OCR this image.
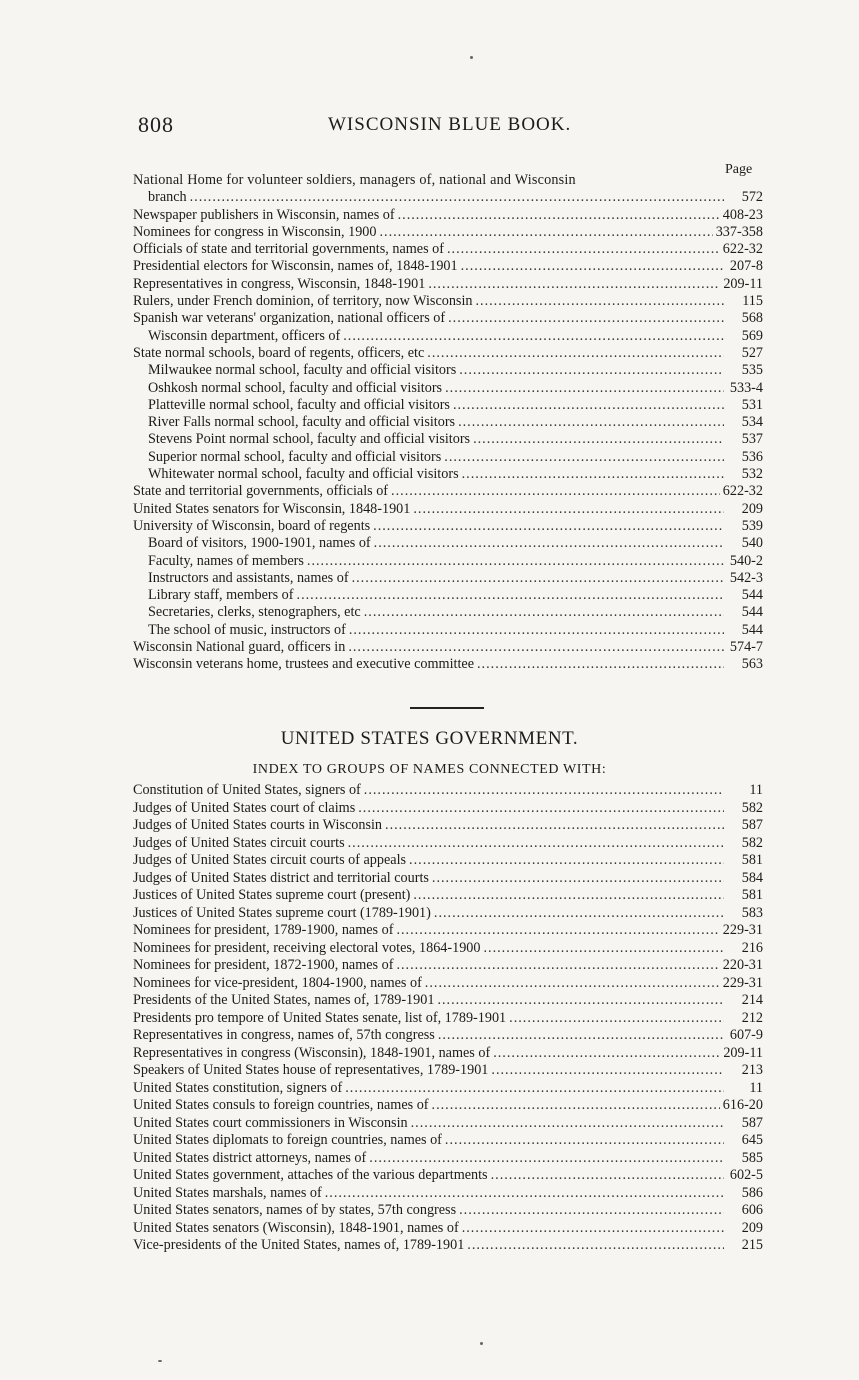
808	WISCONSIN BLUE BOOK.
Page
National Home for volunteer soldiers, managers of, national and Wisconsin
branch .....	572
Newspaper publishers in Wisconsin, names of .....	408-23
Nominees for congress in Wisconsin, 1900 .....	337-358
Officials of state and territorial governments, names of .....	622-32
Presidential electors for Wisconsin, names of, 1848-1901 .....	207-8
Representatives in congress, Wisconsin, 1848-1901 .....	209-11
Rulers, under French dominion, of territory, now Wisconsin .....	115
Spanish war veterans' organization, national officers of .....	568
Wisconsin department, officers of .....	569
State normal schools, board of regents, officers, etc .....	527
Milwaukee normal school, faculty and official visitors .....	535
Oshkosh normal school, faculty and official visitors .....	533-4
Platteville normal school, faculty and official visitors .....	531
River Falls normal school, faculty and official visitors .....	534
Stevens Point normal school, faculty and official visitors .....	537
Superior normal school, faculty and official visitors .....	536
Whitewater normal school, faculty and official visitors .....	532
State and territorial governments, officials of .....	622-32
United States senators for Wisconsin, 1848-1901 .....	209
University of Wisconsin, board of regents .....	539
Board of visitors, 1900-1901, names of .....	540
Faculty, names of members .....	540-2
Instructors and assistants, names of .....	542-3
Library staff, members of .....	544
Secretaries, clerks, stenographers, etc .....	544
The school of music, instructors of .....	544
Wisconsin National guard, officers in .....	574-7
Wisconsin veterans home, trustees and executive committee .....	563
UNITED STATES GOVERNMENT.
INDEX TO GROUPS OF NAMES CONNECTED WITH:
Constitution of United States, signers of .....	11
Judges of United States court of claims .....	582
Judges of United States courts in Wisconsin .....	587
Judges of United States circuit courts .....	582
Judges of United States circuit courts of appeals .....	581
Judges of United States district and territorial courts .....	584
Justices of United States supreme court (present) .....	581
Justices of United States supreme court (1789-1901) .....	583
Nominees for president, 1789-1900, names of .....	229-31
Nominees for president, receiving electoral votes, 1864-1900 .....	216
Nominees for president, 1872-1900, names of .....	220-31
Nominees for vice-president, 1804-1900, names of .....	229-31
Presidents of the United States, names of, 1789-1901 .....	214
Presidents pro tempore of United States senate, list of, 1789-1901 .....	212
Representatives in congress, names of, 57th congress .....	607-9
Representatives in congress (Wisconsin), 1848-1901, names of .....	209-11
Speakers of United States house of representatives, 1789-1901 .....	213
United States constitution, signers of .....	11
United States consuls to foreign countries, names of .....	616-20
United States court commissioners in Wisconsin .....	587
United States diplomats to foreign countries, names of .....	645
United States district attorneys, names of .....	585
United States government, attaches of the various departments .....	602-5
United States marshals, names of .....	586
United States senators, names of by states, 57th congress .....	606
United States senators (Wisconsin), 1848-1901, names of .....	209
Vice-presidents of the United States, names of, 1789-1901 .....	215
